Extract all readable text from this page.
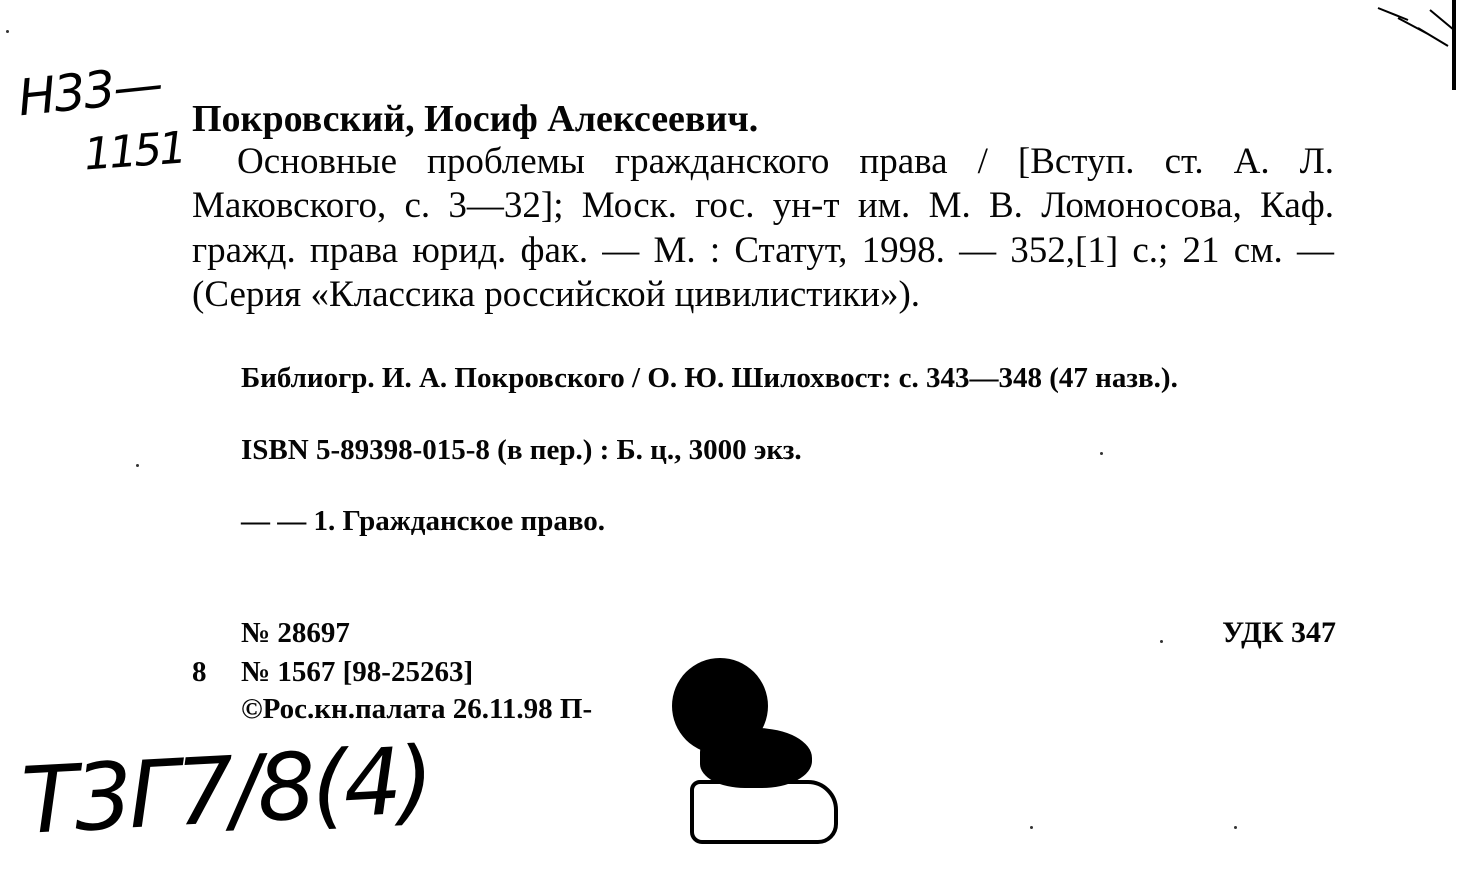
Н33—
1151
Покровский, Иосиф Алексеевич.

Основные проблемы гражданского права / [Вступ. ст. А. Л. Маковского, с. 3—32]; Моск. гос. ун-т им. М. В. Ломоносова, Каф. гражд. права юрид. фак. — М. : Статут, 1998. — 352,[1] с.; 21 см. — (Серия «Классика российской цивилистики»).

Библиогр. И. А. Покровского / О. Ю. Шилохвост: с. 343—348 (47 назв.).

ISBN 5-89398-015-8 (в пер.) : Б. ц., 3000 экз.
— — 1. Гражданское право.
№ 28697
8 № 1567 [98-25263]
©Рос.кн.палата 26.11.98 П-
УДК 347
Т3Г7/8(4)
